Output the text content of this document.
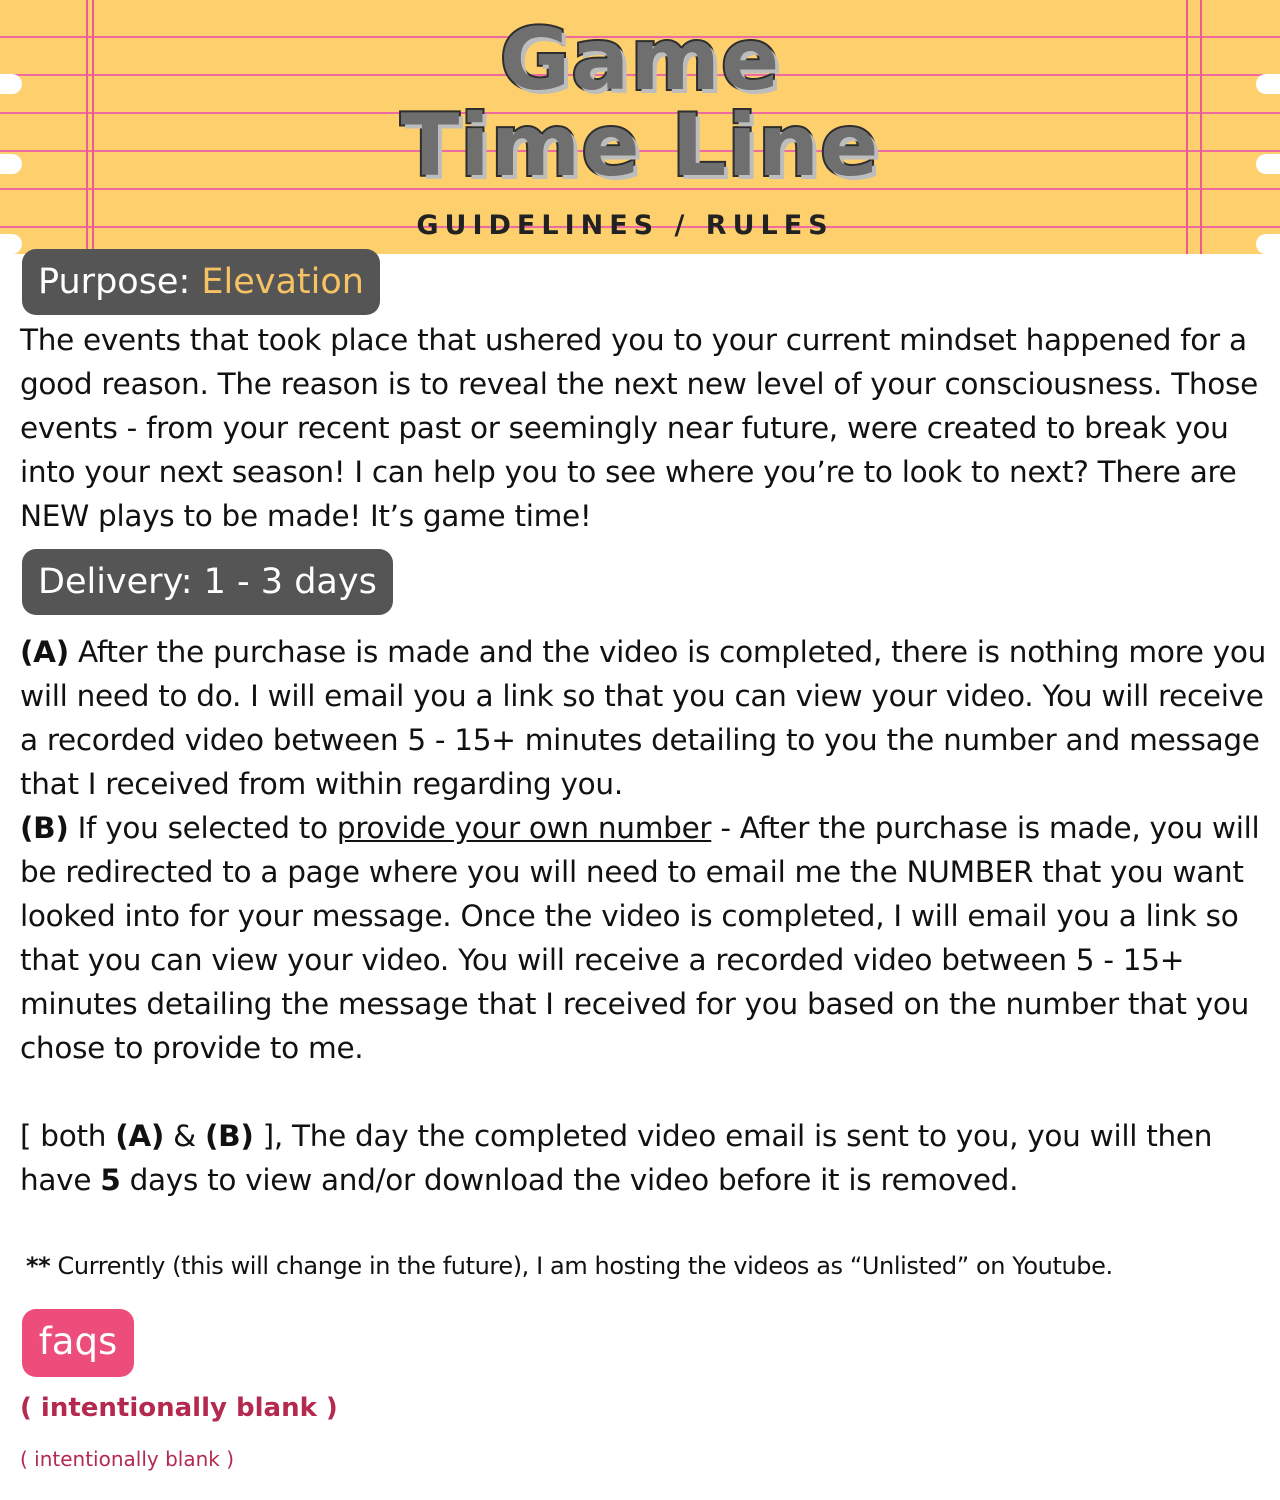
Game
Time Line
GUIDELINES / RULES
Purpose: Elevation

The events that took place that ushered you to your current mindset happened for a good reason. The reason is to reveal the next new level of your consciousness. Those events - from your recent past or seemingly near future, were created to break you into your next season! I can help you to see where you’re to look to next? There are NEW plays to be made! It’s game time!

Delivery: 1 - 3 days

(A) After the purchase is made and the video is completed, there is nothing more you will need to do. I will email you a link so that you can view your video. You will receive a recorded video between 5 - 15+ minutes detailing to you the number and message that I received from within regarding you.

(B) If you selected to provide your own number - After the purchase is made, you will be redirected to a page where you will need to email me the NUMBER that you want looked into for your message. Once the video is completed, I will email you a link so that you can view your video. You will receive a recorded video between 5 - 15+ minutes detailing the message that I received for you based on the number that you chose to provide to me.

[ both (A) & (B) ], The day the completed video email is sent to you, you will then have 5 days to view and/or download the video before it is removed.

** Currently (this will change in the future), I am hosting the videos as “Unlisted” on Youtube.
faqs
( intentionally blank )
( intentionally blank )
